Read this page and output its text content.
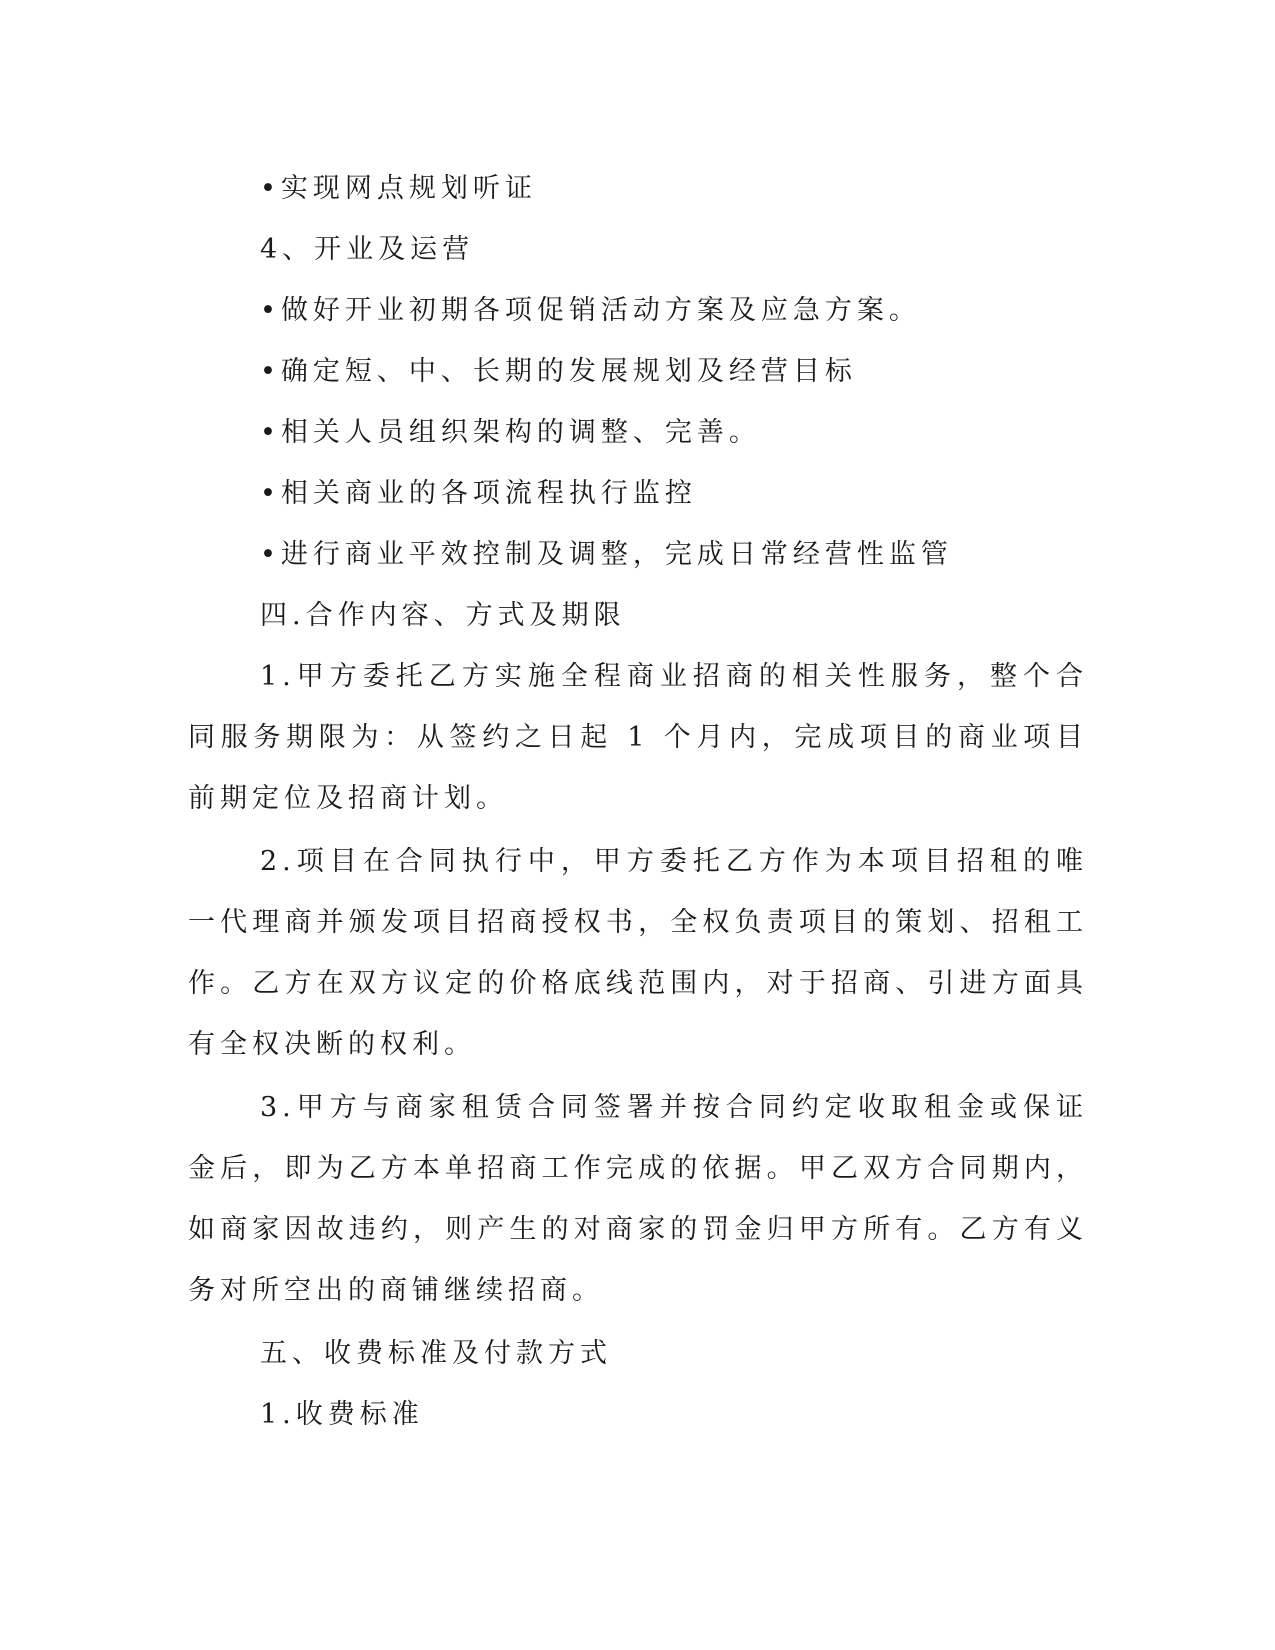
•实现网点规划听证
4、开业及运营
•做好开业初期各项促销活动方案及应急方案。
•确定短、中、长期的发展规划及经营目标
•相关人员组织架构的调整、完善。
•相关商业的各项流程执行监控
•进行商业平效控制及调整，完成日常经营性监管
四.合作内容、方式及期限
1.甲方委托乙方实施全程商业招商的相关性服务，整个合同服务期限为：从签约之日起 1 个月内，完成项目的商业项目前期定位及招商计划。
2.项目在合同执行中，甲方委托乙方作为本项目招租的唯一代理商并颁发项目招商授权书，全权负责项目的策划、招租工作。乙方在双方议定的价格底线范围内，对于招商、引进方面具有全权决断的权利。
3.甲方与商家租赁合同签署并按合同约定收取租金或保证金后，即为乙方本单招商工作完成的依据。甲乙双方合同期内，如商家因故违约，则产生的对商家的罚金归甲方所有。乙方有义务对所空出的商铺继续招商。
五、收费标准及付款方式
1.收费标准
